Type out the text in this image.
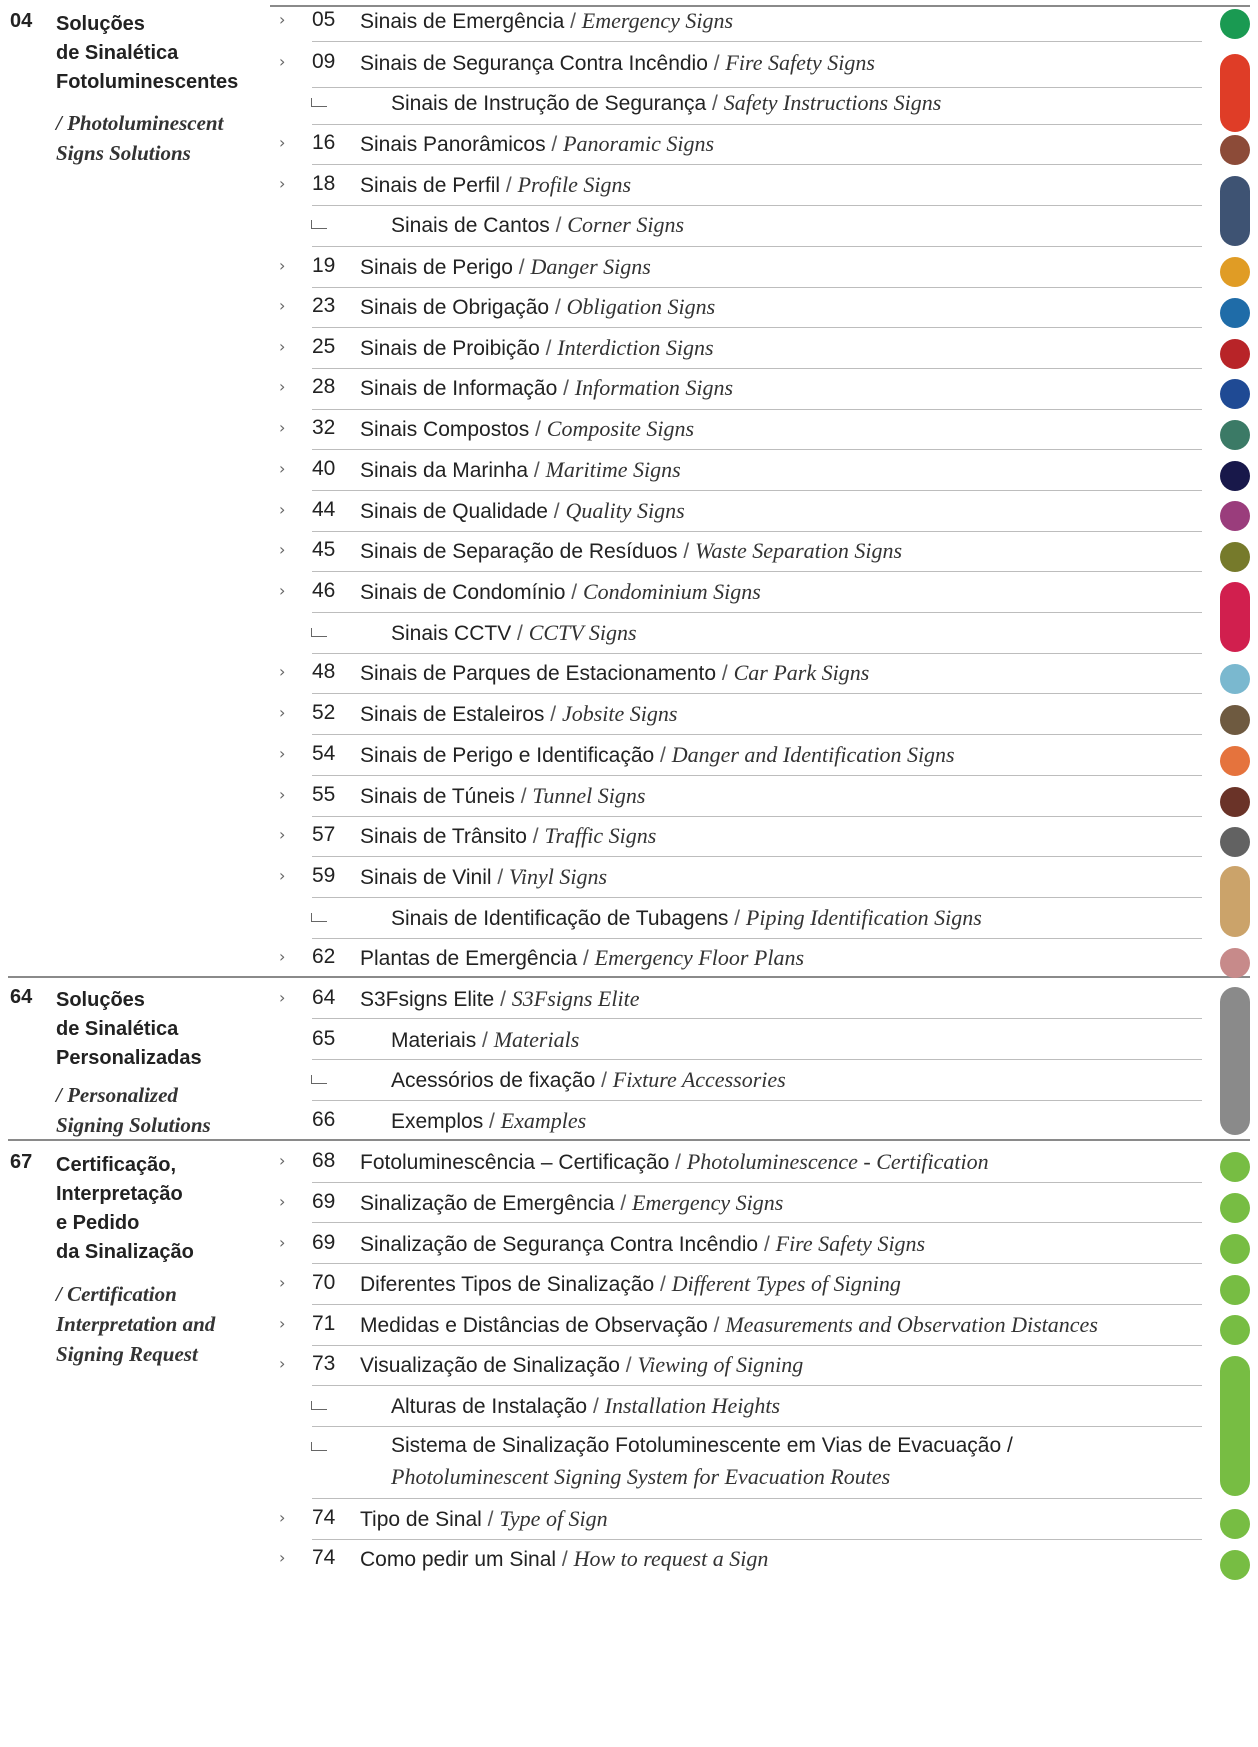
04 Soluções
de Sinalética
Fotoluminescentes
/ Photoluminescent
Signs Solutions
64 Soluções
de Sinalética
Personalizadas
/ Personalized
Signing Solutions
67 Certificação,
Interpretação
e Pedido
da Sinalização
/ Certification
Interpretation and
Signing Request
› 05 Sinais de Emergência / Emergency Signs
› 09 Sinais de Segurança Contra Incêndio / Fire Safety Signs
Sinais de Instrução de Segurança / Safety Instructions Signs
› 16 Sinais Panorâmicos / Panoramic Signs
› 18 Sinais de Perfil / Profile Signs
Sinais de Cantos / Corner Signs
› 19 Sinais de Perigo / Danger Signs
› 23 Sinais de Obrigação / Obligation Signs
› 25 Sinais de Proibição / Interdiction Signs
› 28 Sinais de Informação / Information Signs
› 32 Sinais Compostos / Composite Signs
› 40 Sinais da Marinha / Maritime Signs
› 44 Sinais de Qualidade / Quality Signs
› 45 Sinais de Separação de Resíduos / Waste Separation Signs
› 46 Sinais de Condomínio / Condominium Signs
Sinais CCTV / CCTV Signs
› 48 Sinais de Parques de Estacionamento / Car Park Signs
› 52 Sinais de Estaleiros / Jobsite Signs
› 54 Sinais de Perigo e Identificação / Danger and Identification Signs
› 55 Sinais de Túneis / Tunnel Signs
› 57 Sinais de Trânsito / Traffic Signs
› 59 Sinais de Vinil / Vinyl Signs
Sinais de Identificação de Tubagens / Piping Identification Signs
› 62 Plantas de Emergência / Emergency Floor Plans
› 64 S3Fsigns Elite / S3Fsigns Elite
65	Materiais / Materials
Acessórios de fixação / Fixture Accessories
66	Exemplos / Examples
› 68 Fotoluminescência – Certificação / Photoluminescence - Certification
› 69 Sinalização de Emergência / Emergency Signs
› 69 Sinalização de Segurança Contra Incêndio / Fire Safety Signs
› 70 Diferentes Tipos de Sinalização / Different Types of Signing
› 71 Medidas e Distâncias de Observação / Measurements and Observation Distances
› 73 Visualização de Sinalização / Viewing of Signing
Alturas de Instalação / Installation Heights
Sistema de Sinalização Fotoluminescente em Vias de Evacuação /
Photoluminescent Signing System for Evacuation Routes
› 74 Tipo de Sinal / Type of Sign
› 74 Como pedir um Sinal / How to request a Sign
